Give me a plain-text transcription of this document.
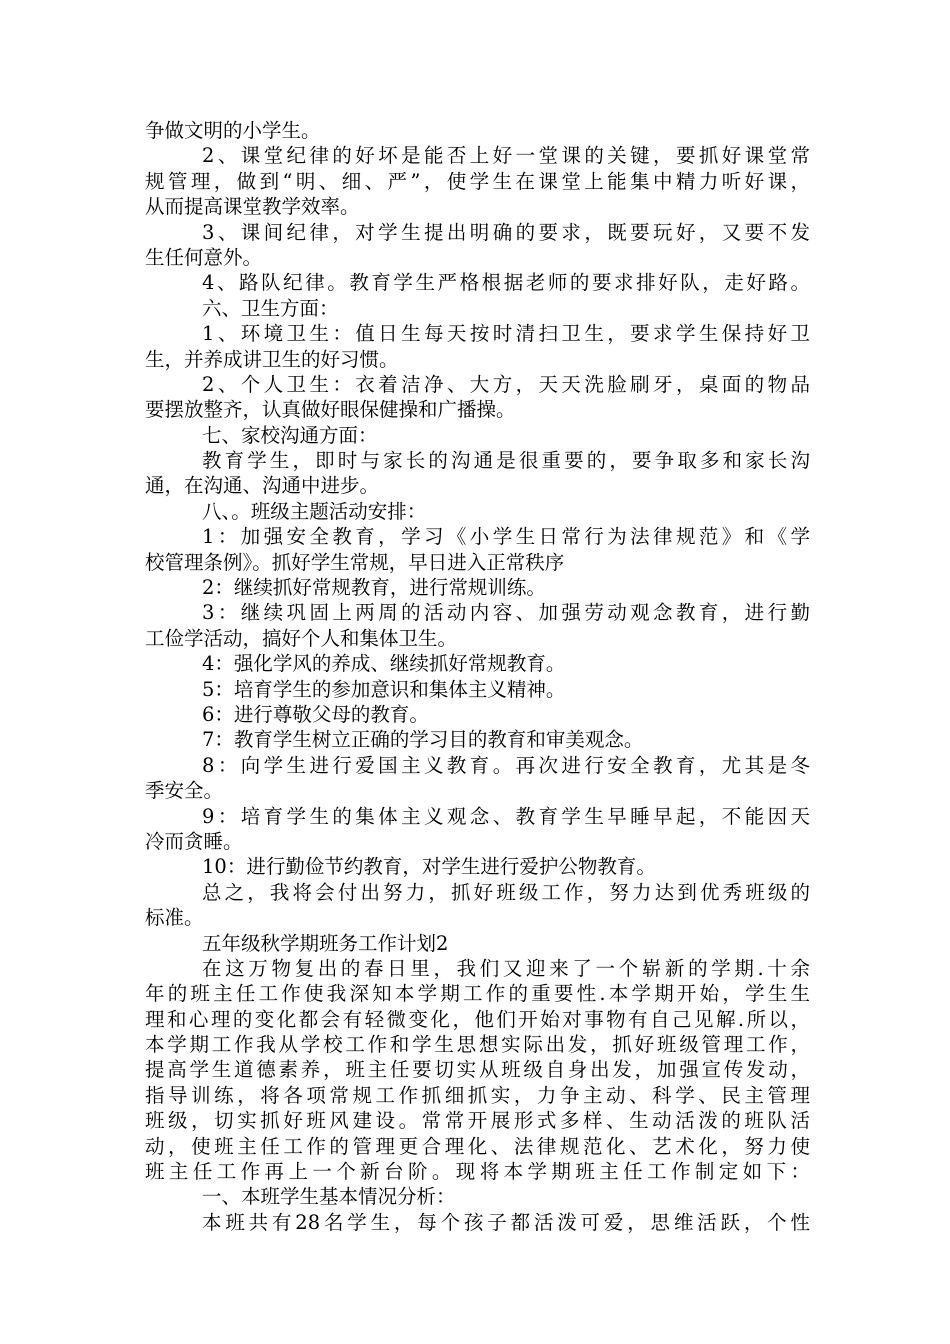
争做文明的小学生。
2、课堂纪律的好坏是能否上好一堂课的关键，要抓好课堂常
规管理，做到“明、细、严”，使学生在课堂上能集中精力听好课，
从而提高课堂教学效率。
3、课间纪律，对学生提出明确的要求，既要玩好，又要不发
生任何意外。
4、路队纪律。教育学生严格根据老师的要求排好队，走好路。
六、卫生方面：
1、环境卫生：值日生每天按时清扫卫生，要求学生保持好卫
生，并养成讲卫生的好习惯。
2、个人卫生：衣着洁净、大方，天天洗脸刷牙，桌面的物品
要摆放整齐，认真做好眼保健操和广播操。
七、家校沟通方面：
教育学生，即时与家长的沟通是很重要的，要争取多和家长沟
通，在沟通、沟通中进步。
八、。班级主题活动安排：
1：加强安全教育，学习《小学生日常行为法律规范》和《学
校管理条例》。抓好学生常规，早日进入正常秩序
2：继续抓好常规教育，进行常规训练。
3：继续巩固上两周的活动内容、加强劳动观念教育，进行勤
工俭学活动，搞好个人和集体卫生。
4：强化学风的养成、继续抓好常规教育。
5：培育学生的参加意识和集体主义精神。
6：进行尊敬父母的教育。
7：教育学生树立正确的学习目的教育和审美观念。
8：向学生进行爱国主义教育。再次进行安全教育，尤其是冬
季安全。
9：培育学生的集体主义观念、教育学生早睡早起，不能因天
冷而贪睡。
10：进行勤俭节约教育，对学生进行爱护公物教育。
总之，我将会付出努力，抓好班级工作，努力达到优秀班级的
标准。
五年级秋学期班务工作计划2
在这万物复出的春日里，我们又迎来了一个崭新的学期.十余
年的班主任工作使我深知本学期工作的重要性.本学期开始，学生生
理和心理的变化都会有轻微变化，他们开始对事物有自己见解.所以，
本学期工作我从学校工作和学生思想实际出发，抓好班级管理工作，
提高学生道德素养，班主任要切实从班级自身出发，加强宣传发动，
指导训练，将各项常规工作抓细抓实，力争主动、科学、民主管理
班级，切实抓好班风建设。常常开展形式多样、生动活泼的班队活
动，使班主任工作的管理更合理化、法律规范化、艺术化，努力使
班主任工作再上一个新台阶。现将本学期班主任工作制定如下：
一、本班学生基本情况分析：
本班共有28名学生，每个孩子都活泼可爱，思维活跃，个性
